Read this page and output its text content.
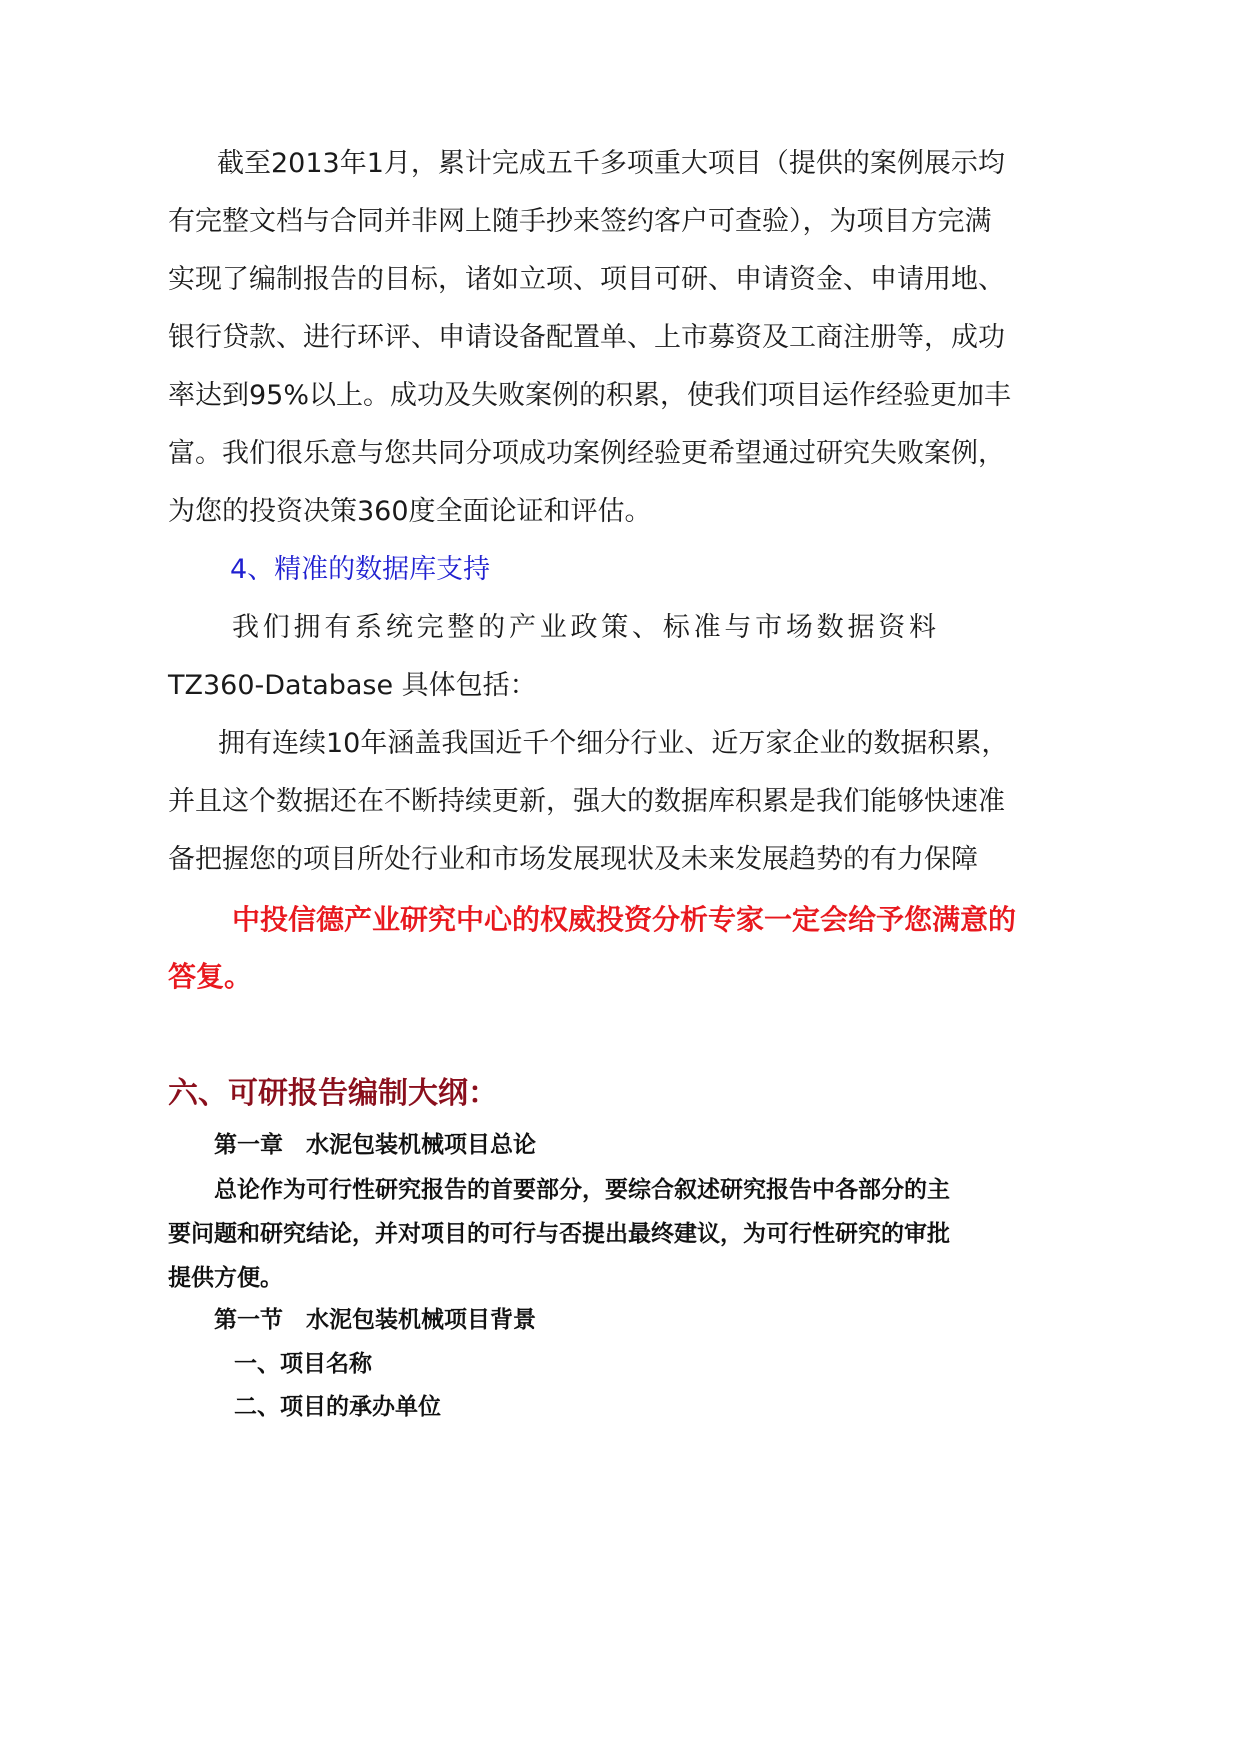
截至2013年1月，累计完成五千多项重大项目（提供的案例展示均
有完整文档与合同并非网上随手抄来签约客户可查验），为项目方完满
实现了编制报告的目标，诸如立项、项目可研、申请资金、申请用地、
银行贷款、进行环评、申请设备配置单、上市募资及工商注册等，成功
率达到95%以上。成功及失败案例的积累，使我们项目运作经验更加丰
富。我们很乐意与您共同分项成功案例经验更希望通过研究失败案例，
为您的投资决策360度全面论证和评估。
4、精准的数据库支持
我们拥有系统完整的产业政策、标准与市场数据资料
TZ360-Database 具体包括：
拥有连续10年涵盖我国近千个细分行业、近万家企业的数据积累，
并且这个数据还在不断持续更新，强大的数据库积累是我们能够快速准
备把握您的项目所处行业和市场发展现状及未来发展趋势的有力保障
中投信德产业研究中心的权威投资分析专家一定会给予您满意的
答复。
六、可研报告编制大纲：
第一章　水泥包装机械项目总论
总论作为可行性研究报告的首要部分，要综合叙述研究报告中各部分的主
要问题和研究结论，并对项目的可行与否提出最终建议，为可行性研究的审批
提供方便。
第一节　水泥包装机械项目背景
一、项目名称
二、项目的承办单位
